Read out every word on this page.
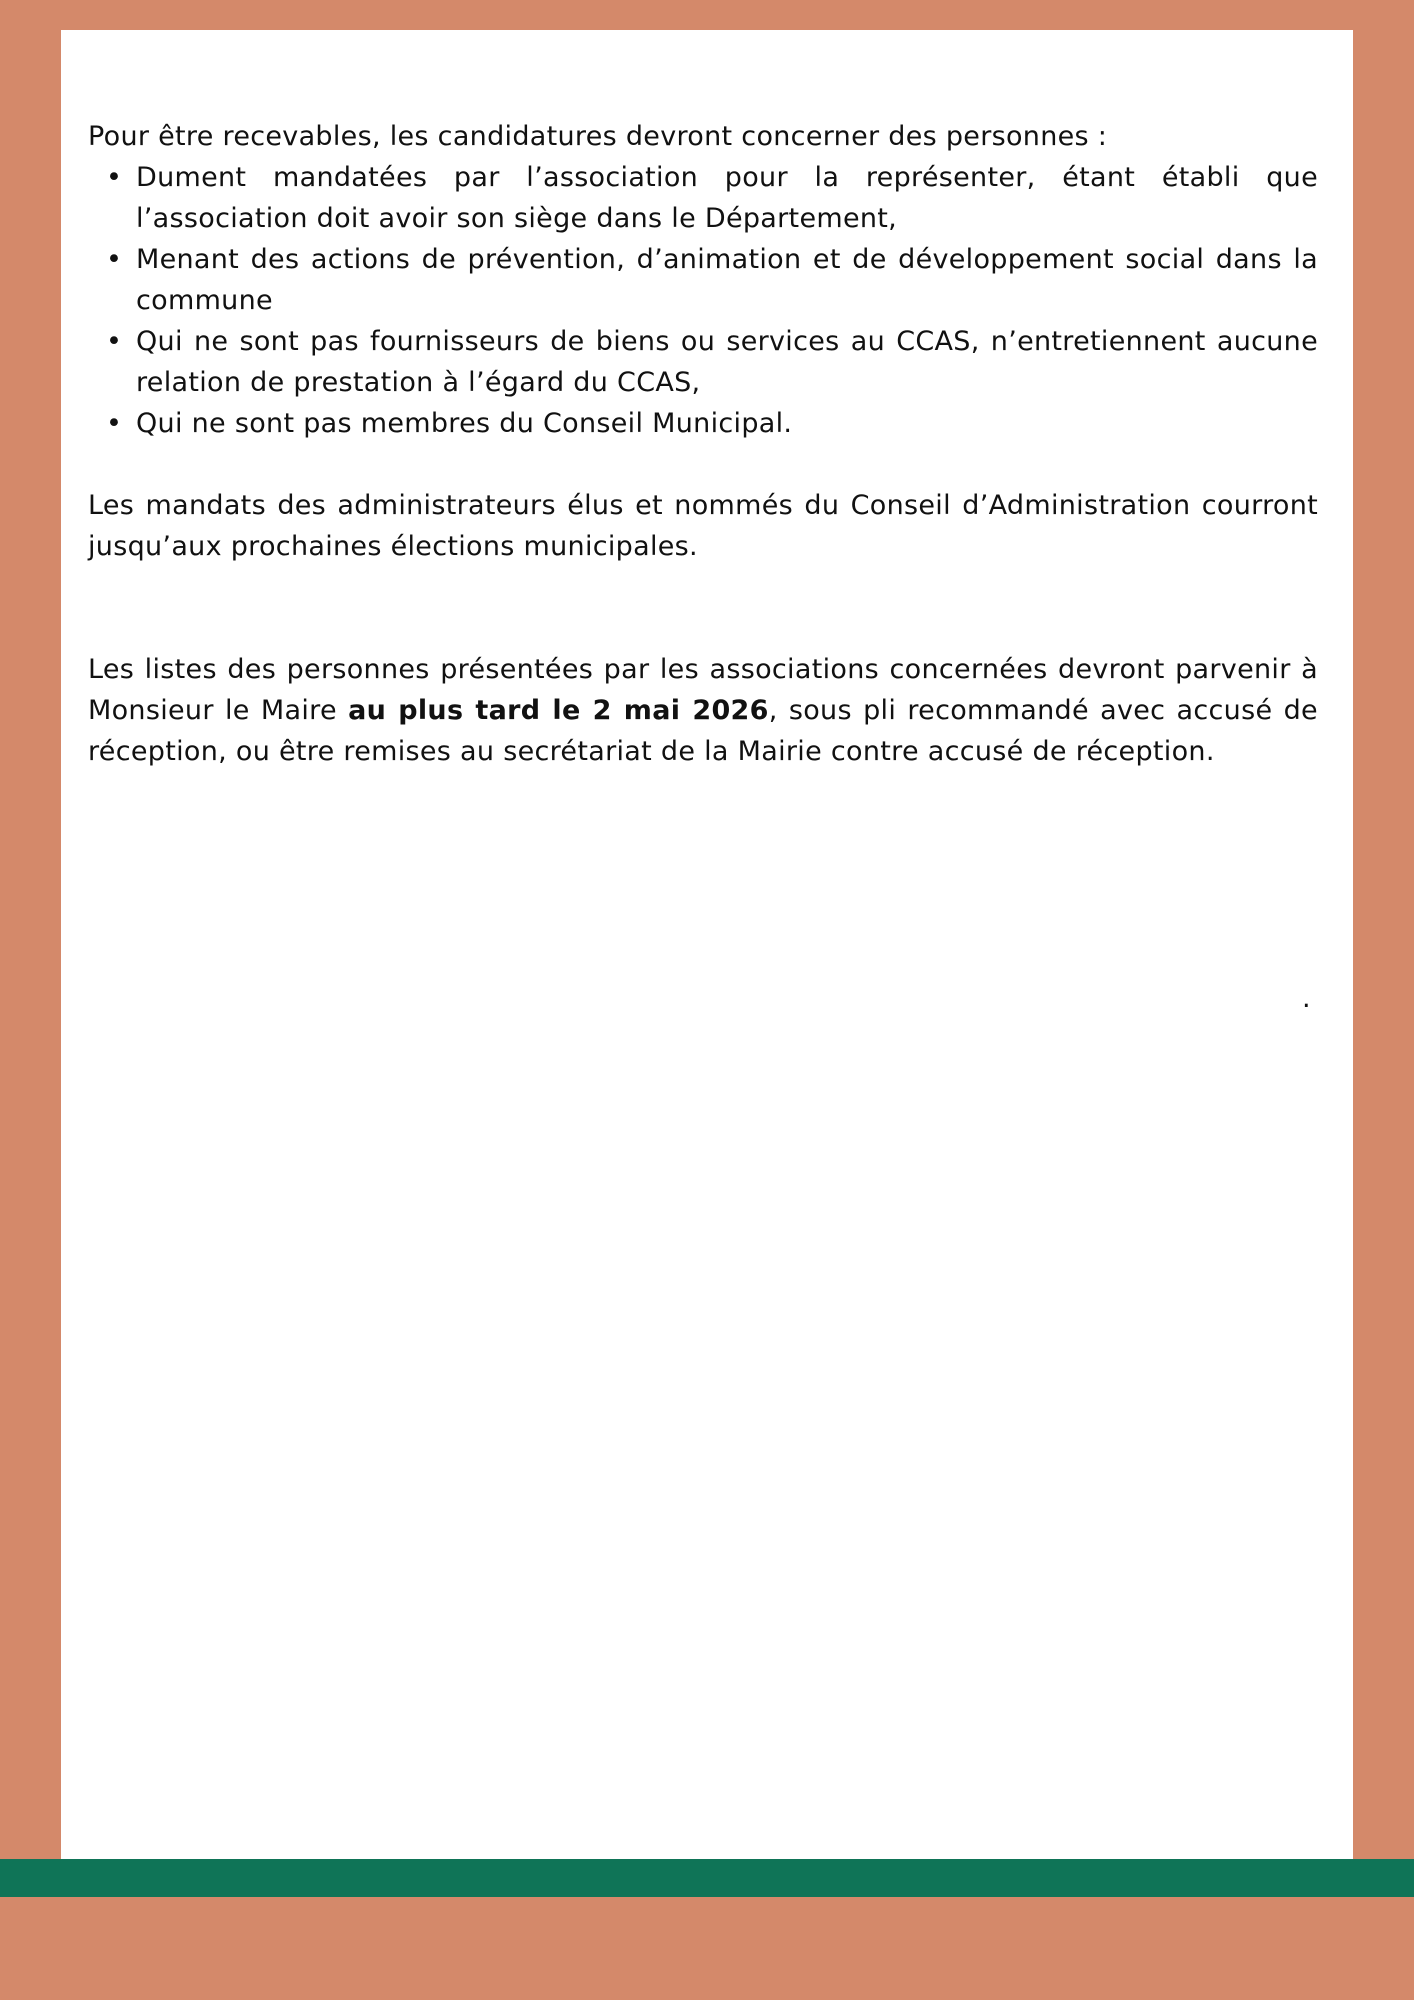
Pour être recevables, les candidatures devront concerner des personnes :

• Dument mandatées par l’association pour la représenter, étant établi que l’association doit avoir son siège dans le Département,
• Menant des actions de prévention, d’animation et de développement social dans la commune
• Qui ne sont pas fournisseurs de biens ou services au CCAS, n’entretiennent aucune relation de prestation à l’égard du CCAS,
• Qui ne sont pas membres du Conseil Municipal.

Les mandats des administrateurs élus et nommés du Conseil d’Administration courront jusqu’aux prochaines élections municipales.

Les listes des personnes présentées par les associations concernées devront parvenir à Monsieur le Maire au plus tard le 2 mai 2026, sous pli recommandé avec accusé de réception, ou être remises au secrétariat de la Mairie contre accusé de réception.

.
